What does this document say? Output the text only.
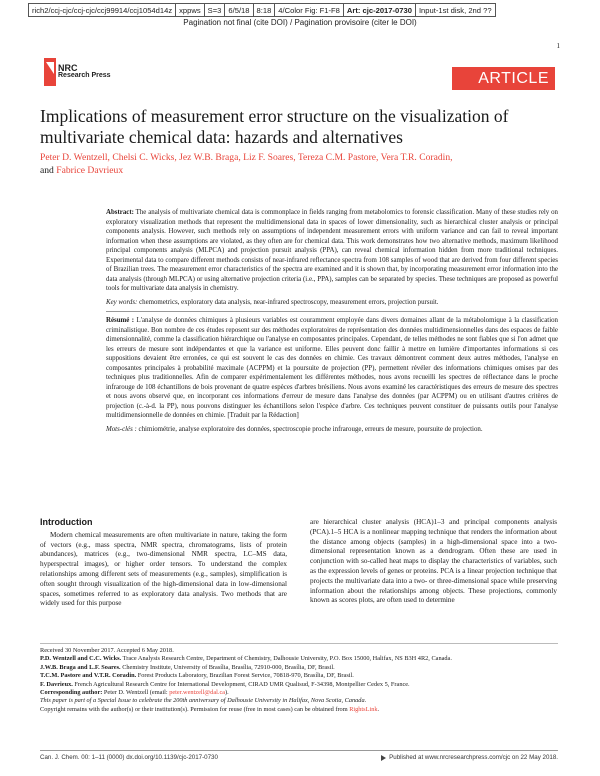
rich2/ccj-cjc/ccj-cjc/ccj99914/ccj1054d14z xppws S=3 6/5/18 8:18 4/Color Fig: F1-F8 Art: cjc-2017-0730 Input-1st disk, 2nd ??
Pagination not final (cite DOI) / Pagination provisoire (citer le DOI)
1
NRC
Research Press	ARTICLE
Implications of measurement error structure on the visualization of multivariate chemical data: hazards and alternatives
Peter D. Wentzell, Chelsi C. Wicks, Jez W.B. Braga, Liz F. Soares, Tereza C.M. Pastore, Vera T.R. Coradin,
and Fabrice Davrieux

Abstract: The analysis of multivariate chemical data is commonplace in fields ranging from metabolomics to forensic classification. Many of these studies rely on exploratory visualization methods that represent the multidimensional data in spaces of lower dimensionality, such as hierarchical cluster analysis or principal components analysis. However, such methods rely on assumptions of independent measurement errors with uniform variance and can fail to reveal important information when these assumptions are violated, as they often are for chemical data. This work demonstrates how two alternative methods, maximum likelihood principal components analysis (MLPCA) and projection pursuit analysis (PPA), can reveal chemical information hidden from more traditional techniques. Experimental data to compare different methods consists of near-infrared reflectance spectra from 108 samples of wood that are derived from four different species of Brazilian trees. The measurement error characteristics of the spectra are examined and it is shown that, by incorporating measurement error information into the data analysis (through MLPCA) or using alternative projection criteria (i.e., PPA), samples can be separated by species. These techniques are proposed as powerful tools for multivariate data analysis in chemistry.

Key words: chemometrics, exploratory data analysis, near-infrared spectroscopy, measurement errors, projection pursuit.

Résumé : L'analyse de données chimiques à plusieurs variables est couramment employée dans divers domaines allant de la métabolomique à la classification criminalistique. Bon nombre de ces études reposent sur des méthodes exploratoires de représentation des données multidimensionnelles dans des espaces de faible dimensionnalité, comme la classification hiérarchique ou l'analyse en composantes principales. Cependant, de telles méthodes ne sont fiables que si l'on admet que les erreurs de mesure sont indépendantes et que la variance est uniforme. Elles peuvent donc faillir à mettre en lumière d'importantes informations si ces suppositions devaient être erronées, ce qui est souvent le cas des données en chimie. Ces travaux démontrent comment deux autres méthodes, l'analyse en composantes principales à probabilité maximale (ACPPM) et la poursuite de projection (PP), permettent révéler des informations chimiques omises par des techniques plus traditionnelles. Afin de comparer expérimentalement les différentes méthodes, nous avons recueilli les spectres de réflectance dans le proche infrarouge de 108 échantillons de bois provenant de quatre espèces d'arbres brésiliens. Nous avons examiné les caractéristiques des erreurs de mesure des spectres et nous avons observé que, en incorporant ces informations d'erreur de mesure dans l'analyse des données (par ACPPM) ou en utilisant d'autres critères de projection (c.-à-d. la PP), nous pouvons distinguer les échantillons selon l'espèce d'arbre. Ces techniques peuvent constituer de puissants outils pour l'analyse multidimensionnelle de données en chimie. [Traduit par la Rédaction]

Mots-clés : chimiométrie, analyse exploratoire des données, spectroscopie proche infrarouge, erreurs de mesure, poursuite de projection.

Introduction

Modern chemical measurements are often multivariate in nature, taking the form of vectors (e.g., mass spectra, NMR spectra, chromatograms, lists of protein abundances), matrices (e.g., two-dimensional NMR spectra, LC–MS data, hyperspectral images), or higher order tensors. To understand the complex relationships among different sets of measurements (e.g., samples), simplification is often sought through visualization of the high-dimensional data in low-dimensional spaces, sometimes referred to as exploratory data analysis. Two methods that are widely used for this purpose

are hierarchical cluster analysis (HCA)1–3 and principal components analysis (PCA).1–5 HCA is a nonlinear mapping technique that renders the information about the distance among objects (samples) in a high-dimensional space into a two-dimensional representation known as a dendrogram. Often these are used in conjunction with so-called heat maps to display the characteristics of variables, such as the expression levels of genes or proteins. PCA is a linear projection technique that projects the multivariate data into a two- or three-dimensional space while preserving information about the relationships among objects. These projections, commonly known as scores plots, are often used to determine

Received 30 November 2017. Accepted 6 May 2018.
P.D. Wentzell and C.C. Wicks. Trace Analysis Research Centre, Department of Chemistry, Dalhousie University, P.O. Box 15000, Halifax, NS B3H 4R2, Canada.
J.W.B. Braga and L.F. Soares. Chemistry Institute, University of Brasília, Brasília, 72910-000, Brasília, DF, Brasil.
T.C.M. Pastore and V.T.R. Coradin. Forest Products Laboratory, Brazilian Forest Service, 70818-970, Brasília, DF, Brasil.
F. Davrieux. French Agricultural Research Centre for International Development, CIRAD UMR Qualisud, F-34398, Montpellier Cedex 5, France.
Corresponding author: Peter D. Wentzell (email: peter.wentzell@dal.ca).
This paper is part of a Special Issue to celebrate the 200th anniversary of Dalhousie University in Halifax, Nova Scotia, Canada.
Copyright remains with the author(s) or their institution(s). Permission for reuse (free in most cases) can be obtained from RightsLink.
Can. J. Chem. 00: 1–11 (0000) dx.doi.org/10.1139/cjc-2017-0730	Published at www.nrcresearchpress.com/cjc on 22 May 2018.
